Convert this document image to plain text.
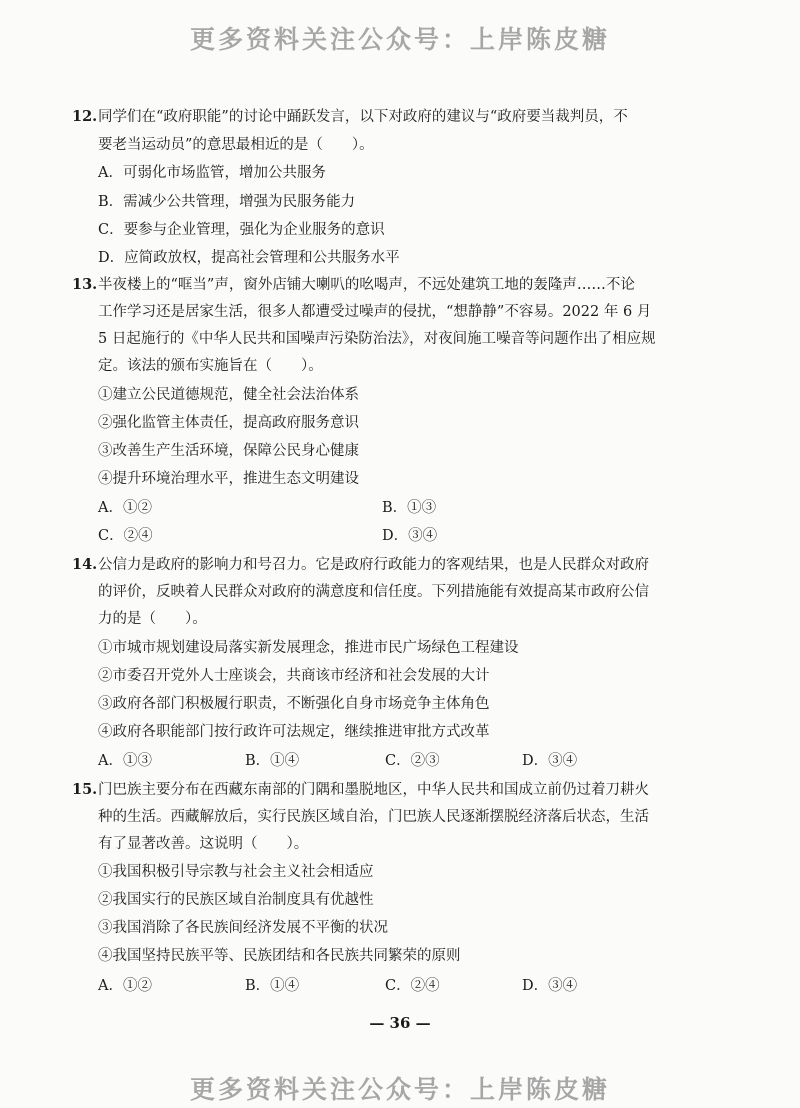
更多资料关注公众号：上岸陈皮糖
12. 同学们在“政府职能”的讨论中踊跃发言，以下对政府的建议与“政府要当裁判员，不
要老当运动员”的意思最相近的是（　　）。
A．可弱化市场监管，增加公共服务
B．需减少公共管理，增强为民服务能力
C．要参与企业管理，强化为企业服务的意识
D．应简政放权，提高社会管理和公共服务水平
13. 半夜楼上的“哐当”声，窗外店铺大喇叭的吆喝声，不远处建筑工地的轰隆声……不论
工作学习还是居家生活，很多人都遭受过噪声的侵扰，“想静静”不容易。2022 年 6 月
5 日起施行的《中华人民共和国噪声污染防治法》，对夜间施工噪音等问题作出了相应规
定。该法的颁布实施旨在（　　）。
①建立公民道德规范，健全社会法治体系
②强化监管主体责任，提高政府服务意识
③改善生产生活环境，保障公民身心健康
④提升环境治理水平，推进生态文明建设
A．①②	B．①③
C．②④	D．③④
14. 公信力是政府的影响力和号召力。它是政府行政能力的客观结果，也是人民群众对政府
的评价，反映着人民群众对政府的满意度和信任度。下列措施能有效提高某市政府公信
力的是（　　）。
①市城市规划建设局落实新发展理念，推进市民广场绿色工程建设
②市委召开党外人士座谈会，共商该市经济和社会发展的大计
③政府各部门积极履行职责，不断强化自身市场竞争主体角色
④政府各职能部门按行政许可法规定，继续推进审批方式改革
A．①③	B．①④	C．②③	D．③④
15. 门巴族主要分布在西藏东南部的门隅和墨脱地区，中华人民共和国成立前仍过着刀耕火
种的生活。西藏解放后，实行民族区域自治，门巴族人民逐渐摆脱经济落后状态，生活
有了显著改善。这说明（　　）。
①我国积极引导宗教与社会主义社会相适应
②我国实行的民族区域自治制度具有优越性
③我国消除了各民族间经济发展不平衡的状况
④我国坚持民族平等、民族团结和各民族共同繁荣的原则
A．①②	B．①④	C．②④	D．③④
— 36 —
更多资料关注公众号：上岸陈皮糖
